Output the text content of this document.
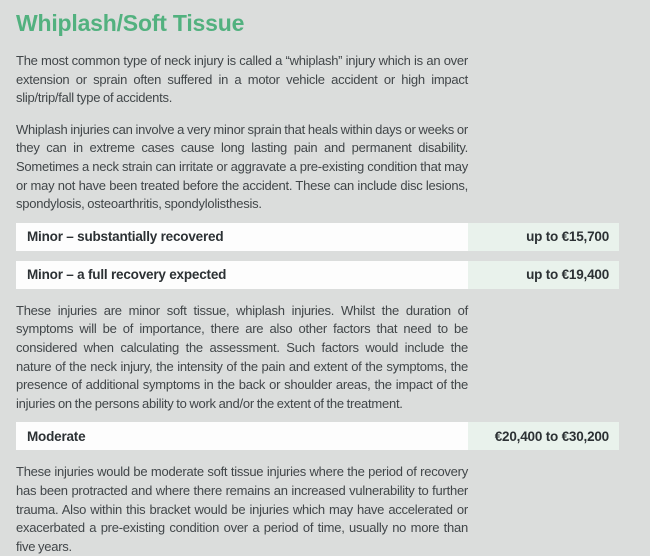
Whiplash/Soft Tissue

The most common type of neck injury is called a “whiplash” injury which is an over extension or sprain often suffered in a motor vehicle accident or high impact slip/trip/fall type of accidents.

Whiplash injuries can involve a very minor sprain that heals within days or weeks or they can in extreme cases cause long lasting pain and permanent disability. Sometimes a neck strain can irritate or aggravate a pre-existing condition that may or may not have been treated before the accident. These can include disc lesions, spondylosis, osteoarthritis, spondylolisthesis.

Minor – substantially recovered	up to €15,700
Minor – a full recovery expected	up to €19,400

These injuries are minor soft tissue, whiplash injuries. Whilst the duration of symptoms will be of importance, there are also other factors that need to be considered when calculating the assessment. Such factors would include the nature of the neck injury, the intensity of the pain and extent of the symptoms, the presence of additional symptoms in the back or shoulder areas, the impact of the injuries on the persons ability to work and/or the extent of the treatment.

Moderate	€20,400 to €30,200

These injuries would be moderate soft tissue injuries where the period of recovery has been protracted and where there remains an increased vulnerability to further trauma. Also within this bracket would be injuries which may have accelerated or exacerbated a pre-existing condition over a period of time, usually no more than five years.
